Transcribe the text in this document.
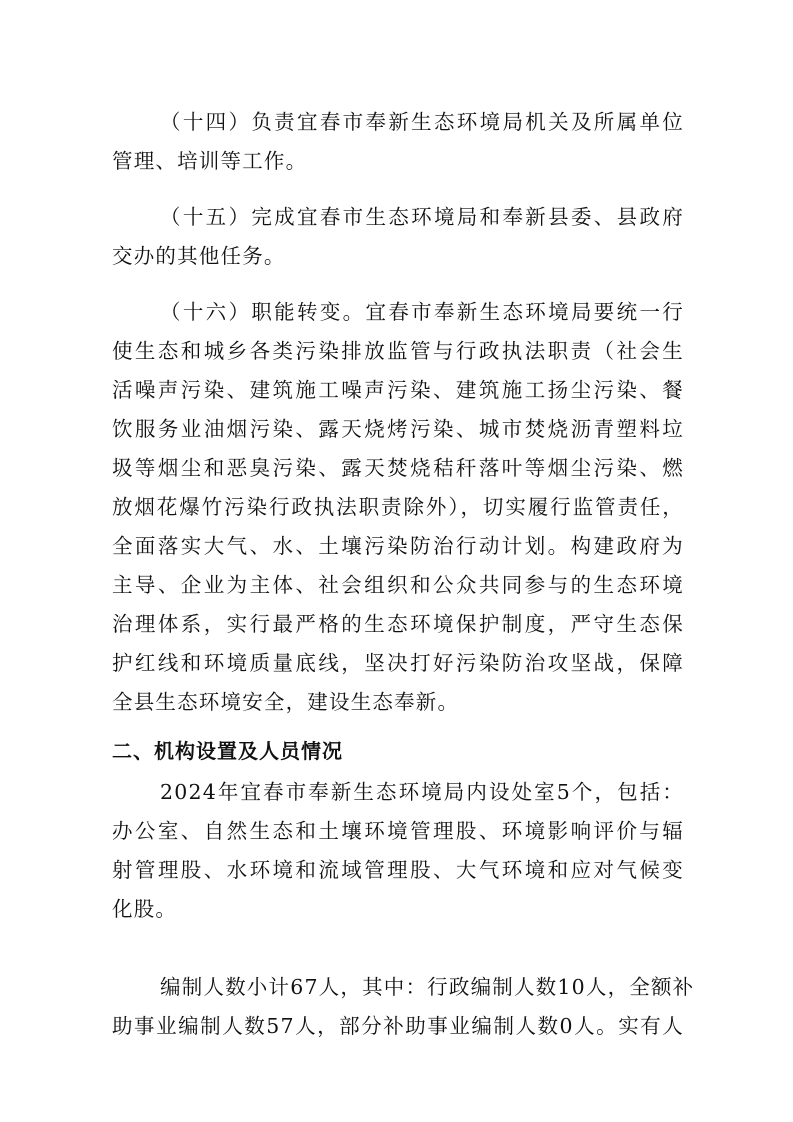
（十四）负责宜春市奉新生态环境局机关及所属单位
管理、培训等工作。
（十五）完成宜春市生态环境局和奉新县委、县政府
交办的其他任务。
（十六）职能转变。宜春市奉新生态环境局要统一行
使生态和城乡各类污染排放监管与行政执法职责（社会生
活噪声污染、建筑施工噪声污染、建筑施工扬尘污染、餐
饮服务业油烟污染、露天烧烤污染、城市焚烧沥青塑料垃
圾等烟尘和恶臭污染、露天焚烧秸秆落叶等烟尘污染、燃
放烟花爆竹污染行政执法职责除外），切实履行监管责任，
全面落实大气、水、土壤污染防治行动计划。构建政府为
主导、企业为主体、社会组织和公众共同参与的生态环境
治理体系，实行最严格的生态环境保护制度，严守生态保
护红线和环境质量底线，坚决打好污染防治攻坚战，保障
全县生态环境安全，建设生态奉新。
二、机构设置及人员情况
2024年宜春市奉新生态环境局内设处室5个，包括：
办公室、自然生态和土壤环境管理股、环境影响评价与辐
射管理股、水环境和流域管理股、大气环境和应对气候变
化股。
编制人数小计67人，其中：行政编制人数10人，全额补
助事业编制人数57人，部分补助事业编制人数0人。实有人
